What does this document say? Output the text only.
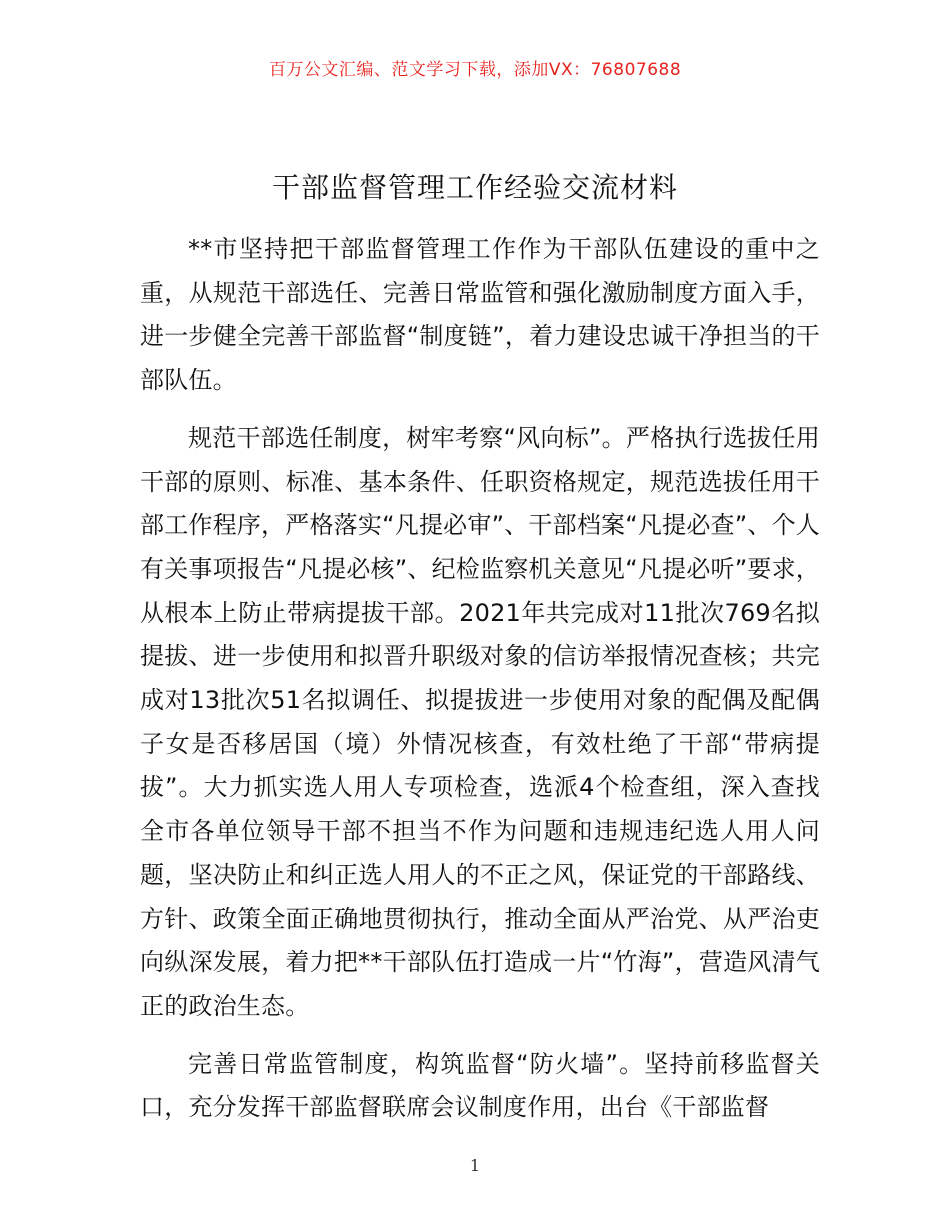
百万公文汇编、范文学习下载，添加VX：76807688
干部监督管理工作经验交流材料

**市坚持把干部监督管理工作作为干部队伍建设的重中之重，从规范干部选任、完善日常监管和强化激励制度方面入手，进一步健全完善干部监督“制度链”，着力建设忠诚干净担当的干部队伍。

规范干部选任制度，树牢考察“风向标”。严格执行选拔任用干部的原则、标准、基本条件、任职资格规定，规范选拔任用干部工作程序，严格落实“凡提必审”、干部档案“凡提必查”、个人有关事项报告“凡提必核”、纪检监察机关意见“凡提必听”要求，从根本上防止带病提拔干部。2021年共完成对11批次769名拟提拔、进一步使用和拟晋升职级对象的信访举报情况查核；共完成对13批次51名拟调任、拟提拔进一步使用对象的配偶及配偶子女是否移居国（境）外情况核查，有效杜绝了干部“带病提拔”。大力抓实选人用人专项检查，选派4个检查组，深入查找全市各单位领导干部不担当不作为问题和违规违纪选人用人问题，坚决防止和纠正选人用人的不正之风，保证党的干部路线、方针、政策全面正确地贯彻执行，推动全面从严治党、从严治吏向纵深发展，着力把**干部队伍打造成一片“竹海”，营造风清气正的政治生态。

完善日常监管制度，构筑监督“防火墙”。坚持前移监督关口，充分发挥干部监督联席会议制度作用，出台《干部监督

1
